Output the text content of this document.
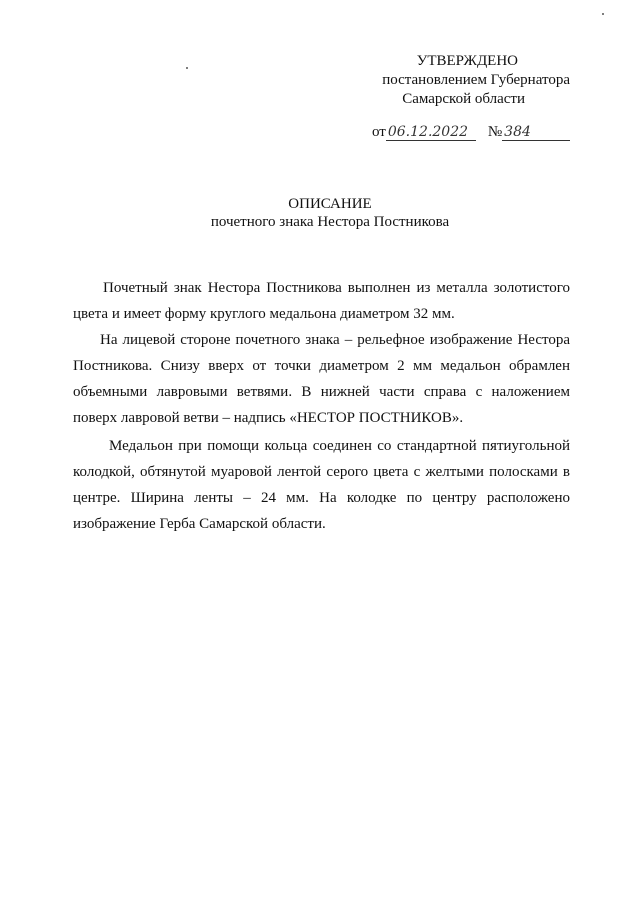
УТВЕРЖДЕНО
постановлением Губернатора
Самарской области
от 06.12.2022 № 384
ОПИСАНИЕ
почетного знака Нестора Постникова

Почетный знак Нестора Постникова выполнен из металла золотистого цвета и имеет форму круглого медальона диаметром 32 мм.

На лицевой стороне почетного знака – рельефное изображение Нестора Постникова. Снизу вверх от точки диаметром 2 мм медальон обрамлен объемными лавровыми ветвями. В нижней части справа с наложением поверх лавровой ветви – надпись «НЕСТОР ПОСТНИКОВ».

Медальон при помощи кольца соединен со стандартной пятиугольной колодкой, обтянутой муаровой лентой серого цвета с желтыми полосками в центре. Ширина ленты – 24 мм. На колодке по центру расположено изображение Герба Самарской области.
